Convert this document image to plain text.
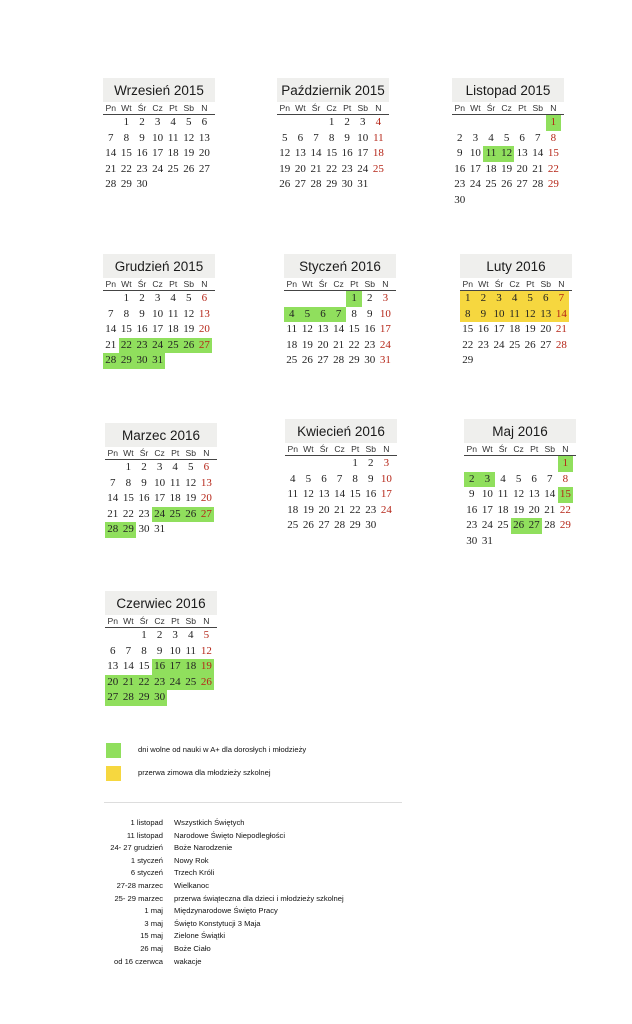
Wrzesień 2015
Pn Wt Śr Cz Pt Sb N
1 2 3 4 5 6
7 8 9 10 11 12 13
14 15 16 17 18 19 20
21 22 23 24 25 26 27
28 29 30
Październik 2015
Pn Wt Śr Cz Pt Sb N
1 2 3 4
5 6 7 8 9 10 11
12 13 14 15 16 17 18
19 20 21 22 23 24 25
26 27 28 29 30 31
Listopad 2015
Pn Wt Śr Cz Pt Sb N
1
2 3 4 5 6 7 8
9 10 11 12 13 14 15
16 17 18 19 20 21 22
23 24 25 26 27 28 29
30
Grudzień 2015
Pn Wt Śr Cz Pt Sb N
1 2 3 4 5 6
7 8 9 10 11 12 13
14 15 16 17 18 19 20
21 22 23 24 25 26 27
28 29 30 31
Styczeń 2016
Pn Wt Śr Cz Pt Sb N
1 2 3
4 5 6 7 8 9 10
11 12 13 14 15 16 17
18 19 20 21 22 23 24
25 26 27 28 29 30 31
Luty 2016
Pn Wt Śr Cz Pt Sb N
1 2 3 4 5 6 7
8 9 10 11 12 13 14
15 16 17 18 19 20 21
22 23 24 25 26 27 28
29
Marzec 2016
Pn Wt Śr Cz Pt Sb N
1 2 3 4 5 6
7 8 9 10 11 12 13
14 15 16 17 18 19 20
21 22 23 24 25 26 27
28 29 30 31
Kwiecień 2016
Pn Wt Śr Cz Pt Sb N
1 2 3
4 5 6 7 8 9 10
11 12 13 14 15 16 17
18 19 20 21 22 23 24
25 26 27 28 29 30
Maj 2016
Pn Wt Śr Cz Pt Sb N
1
2 3 4 5 6 7 8
9 10 11 12 13 14 15
16 17 18 19 20 21 22
23 24 25 26 27 28 29
30 31
Czerwiec 2016
Pn Wt Śr Cz Pt Sb N
1 2 3 4 5
6 7 8 9 10 11 12
13 14 15 16 17 18 19
20 21 22 23 24 25 26
27 28 29 30
dni wolne od nauki w A+ dla dorosłych i młodzieży
przerwa zimowa dla młodzieży szkolnej
1 listopad Wszystkich Świętych
11 listopad Narodowe Święto Niepodległości
24- 27 grudzień Boże Narodzenie
1 styczeń Nowy Rok
6 styczeń Trzech Króli
27-28 marzec Wielkanoc
25- 29 marzec przerwa świąteczna dla dzieci i młodzieży szkolnej
1 maj Międzynarodowe Święto Pracy
3 maj Święto Konstytucji 3 Maja
15 maj Zielone Świątki
26 maj Boże Ciało
od 16 czerwca wakacje
